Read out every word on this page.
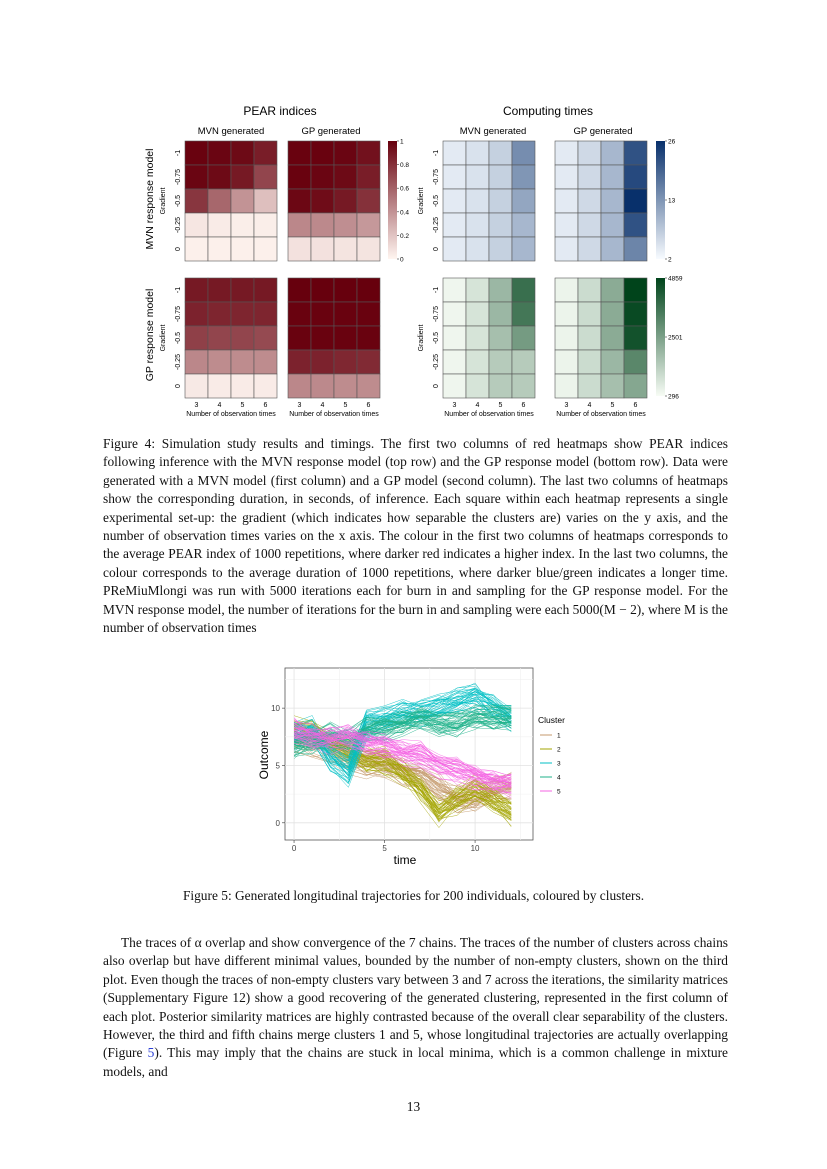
PEAR indices	Computing times
MVN generated	GP generated	MVN generated	GP generated
MVN response model
GP response model
Gradient
-1
-0.75
-0.5
-0.25
0
Gradient
-1
-0.75
-0.5
-0.25
0
Gradient
-1
-0.75
-0.5
-0.25
0
3	4	5	6
Number of observation times
3	4	5	6
Number of observation times
Gradient
-1
-0.75
-0.5
-0.25
0
3	4	5	6
Number of observation times
3	4	5	6
Number of observation times
1
0.8
0.6
0.4
0.2
0
26
13
2
4859
2501
296

Figure 4: Simulation study results and timings. The first two columns of red heatmaps show PEAR indices following inference with the MVN response model (top row) and the GP response model (bottom row). Data were generated with a MVN model (first column) and a GP model (second column). The last two columns of heatmaps show the corresponding duration, in seconds, of inference. Each square within each heatmap represents a single experimental set-up: the gradient (which indicates how separable the clusters are) varies on the y axis, and the number of observation times varies on the x axis. The colour in the first two columns of heatmaps corresponds to the average PEAR index of 1000 repetitions, where darker red indicates a higher index. In the last two columns, the colour corresponds to the average duration of 1000 repetitions, where darker blue/green indicates a longer time. PReMiuMlongi was run with 5000 iterations each for burn in and sampling for the GP response model. For the MVN response model, the number of iterations for the burn in and sampling were each 5000(M − 2), where M is the number of observation times

0	5	10
0
5
10
Outcome
time
Cluster
1
2
3
4
5

Figure 5: Generated longitudinal trajectories for 200 individuals, coloured by clusters.

The traces of α overlap and show convergence of the 7 chains. The traces of the number of clusters across chains also overlap but have different minimal values, bounded by the number of non-empty clusters, shown on the third plot. Even though the traces of non-empty clusters vary between 3 and 7 across the iterations, the similarity matrices (Supplementary Figure 12) show a good recovering of the generated clustering, represented in the first column of each plot. Posterior similarity matrices are highly contrasted because of the overall clear separability of the clusters. However, the third and fifth chains merge clusters 1 and 5, whose longitudinal trajectories are actually overlapping (Figure 5). This may imply that the chains are stuck in local minima, which is a common challenge in mixture models, and

13
